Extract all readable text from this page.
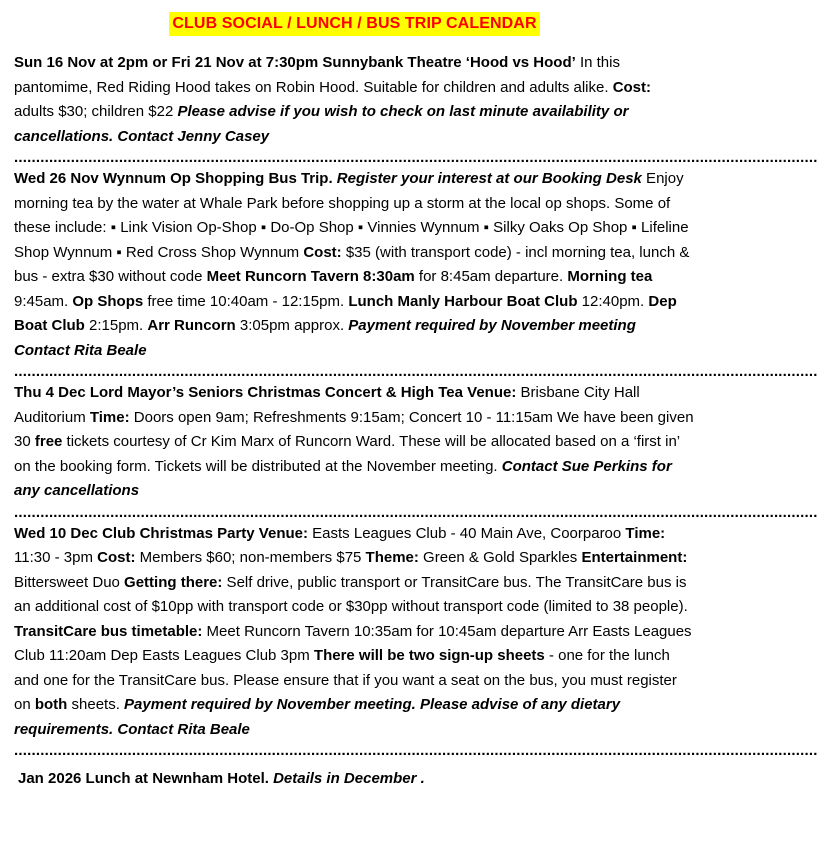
CLUB SOCIAL / LUNCH / BUS TRIP CALENDAR

Sun 16 Nov at 2pm or Fri 21 Nov at 7:30pm Sunnybank Theatre ‘Hood vs Hood’ In this pantomime, Red Riding Hood takes on Robin Hood. Suitable for children and adults alike. Cost: adults $30; children $22 Please advise if you wish to check on last minute availability or cancellations. Contact Jenny Casey

........................................................................................................................................................................................

Wed 26 Nov Wynnum Op Shopping Bus Trip. Register your interest at our Booking Desk Enjoy morning tea by the water at Whale Park before shopping up a storm at the local op shops. Some of these include: ▪ Link Vision Op-Shop ▪ Do-Op Shop ▪ Vinnies Wynnum ▪ Silky Oaks Op Shop ▪ Lifeline Shop Wynnum ▪ Red Cross Shop Wynnum Cost: $35 (with transport code) - incl morning tea, lunch & bus - extra $30 without code Meet Runcorn Tavern 8:30am for 8:45am departure. Morning tea 9:45am. Op Shops free time 10:40am - 12:15pm. Lunch Manly Harbour Boat Club 12:40pm. Dep Boat Club 2:15pm. Arr Runcorn 3:05pm approx. Payment required by November meeting Contact Rita Beale

........................................................................................................................................................................................

Thu 4 Dec Lord Mayor’s Seniors Christmas Concert & High Tea Venue: Brisbane City Hall Auditorium Time: Doors open 9am; Refreshments 9:15am; Concert 10 - 11:15am We have been given 30 free tickets courtesy of Cr Kim Marx of Runcorn Ward. These will be allocated based on a ‘first in’ on the booking form. Tickets will be distributed at the November meeting. Contact Sue Perkins for any cancellations

........................................................................................................................................................................................

Wed 10 Dec Club Christmas Party Venue: Easts Leagues Club - 40 Main Ave, Coorparoo Time: 11:30 - 3pm Cost: Members $60; non-members $75 Theme: Green & Gold Sparkles Entertainment: Bittersweet Duo Getting there: Self drive, public transport or TransitCare bus. The TransitCare bus is an additional cost of $10pp with transport code or $30pp without transport code (limited to 38 people). TransitCare bus timetable: Meet Runcorn Tavern 10:35am for 10:45am departure Arr Easts Leagues Club 11:20am Dep Easts Leagues Club 3pm There will be two sign-up sheets - one for the lunch and one for the TransitCare bus. Please ensure that if you want a seat on the bus, you must register on both sheets. Payment required by November meeting. Please advise of any dietary requirements. Contact Rita Beale

........................................................................................................................................................................................

Jan 2026 Lunch at Newnham Hotel. Details in December .
